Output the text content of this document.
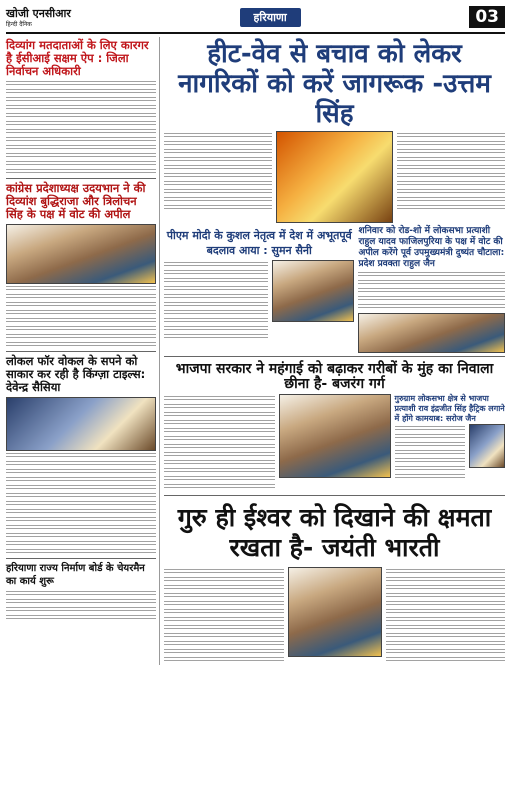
खोजी एनसीआर
हिन्दी दैनिक
हरियाणा	03
दिव्यांग मतदाताओं के लिए कारगर है ईसीआई सक्षम ऐप : जिला निर्वाचन अधिकारी
कांग्रेस प्रदेशाध्यक्ष उदयभान ने की दिव्यांश बुद्धिराजा और त्रिलोचन सिंह के पक्ष में वोट की अपील
लोकल फॉर वोकल के सपने को साकार कर रही है किंग्ज़ा टाइल्स: देवेन्द्र सैसिया
हरियाणा राज्य निर्माण बोर्ड के चेयरमैन का कार्य शुरू
हीट-वेव से बचाव को लेकर नागरिकों को करें जागरूक -उत्तम सिंह
पीएम मोदी के कुशल नेतृत्व में देश में अभूतपूर्व बदलाव आया : सुमन सैनी
शनिवार को रोड-शो में लोकसभा प्रत्याशी राहुल यादव फाजिलपुरिया के पक्ष में वोट की अपील करेंगे पूर्व उपमुख्यमंत्री दुष्यंत चौटाला: प्रदेश प्रवक्ता राहुल जैन
भाजपा सरकार ने महंगाई को बढ़ाकर गरीबों के मुंह का निवाला छीना है- बजरंग गर्ग
गुरुग्राम लोकसभा क्षेत्र से भाजपा प्रत्याशी राव इंद्रजीत सिंह हैट्रिक लगाने में होंगे कामयाब: सरोज जैन
गुरु ही ईश्वर को दिखाने की क्षमता रखता है- जयंती भारती
